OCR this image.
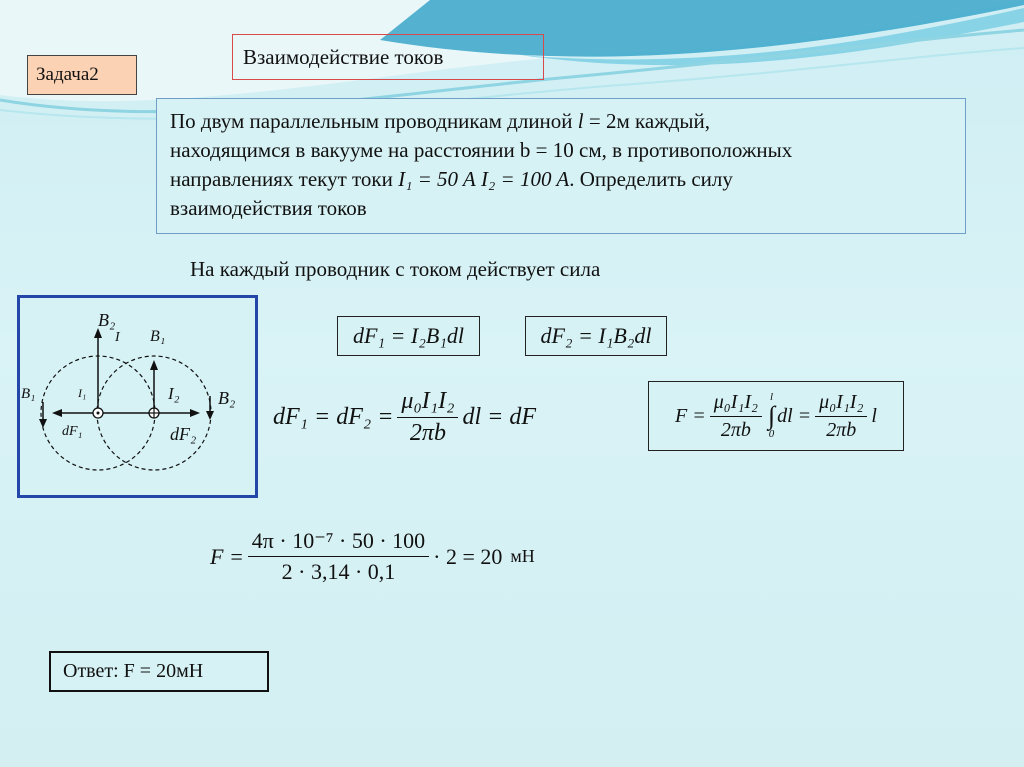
Задача2
Взаимодействие токов
По двум параллельным проводникам длиной l = 2м каждый,
находящимся в вакууме на расстоянии b = 10 см, в противоположных
направлениях текут токи I₁ = 50 A I₂ = 100 A. Определить силу
взаимодействия токов
На каждый проводник с током действует сила
B₂
I B₁
B₁	I₁	I₂ B₂
dF₁	dF₂
dF₁ = I₂B₁dl	dF₂ = I₁B₂dl
$dF_1 = dF_2 = \frac{\text{μ₀I₁I₂}}{2\pi b}$ dl = dF	$F = \frac{\text{μ₀I₁I₂}}{2\pi b}$ l
∫
0
dl = $\frac{\text{μ₀I₁I₂}}{2\pi b}$ l
$F = \frac{\text{4π · 10⁻⁷ · 50 · 100}}{2 \cdot 3,14 \cdot 0,1} \cdot 2 = 20$ мН
Ответ: F = 20мН
